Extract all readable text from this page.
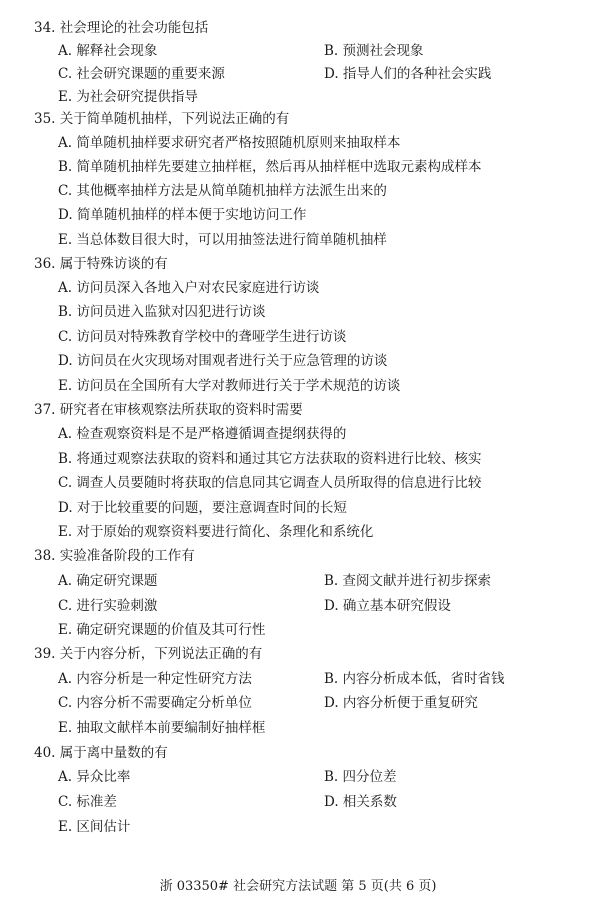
34. 社会理论的社会功能包括
A. 解释社会现象	B. 预测社会现象
C. 社会研究课题的重要来源	D. 指导人们的各种社会实践
E. 为社会研究提供指导
35. 关于简单随机抽样，下列说法正确的有
A. 简单随机抽样要求研究者严格按照随机原则来抽取样本
B. 简单随机抽样先要建立抽样框，然后再从抽样框中选取元素构成样本
C. 其他概率抽样方法是从简单随机抽样方法派生出来的
D. 简单随机抽样的样本便于实地访问工作
E. 当总体数目很大时，可以用抽签法进行简单随机抽样
36. 属于特殊访谈的有
A. 访问员深入各地入户对农民家庭进行访谈
B. 访问员进入监狱对囚犯进行访谈
C. 访问员对特殊教育学校中的聋哑学生进行访谈
D. 访问员在火灾现场对围观者进行关于应急管理的访谈
E. 访问员在全国所有大学对教师进行关于学术规范的访谈
37. 研究者在审核观察法所获取的资料时需要
A. 检查观察资料是不是严格遵循调查提纲获得的
B. 将通过观察法获取的资料和通过其它方法获取的资料进行比较、核实
C. 调查人员要随时将获取的信息同其它调查人员所取得的信息进行比较
D. 对于比较重要的问题，要注意调查时间的长短
E. 对于原始的观察资料要进行简化、条理化和系统化
38. 实验准备阶段的工作有
A. 确定研究课题	B. 查阅文献并进行初步探索
C. 进行实验刺激	D. 确立基本研究假设
E. 确定研究课题的价值及其可行性
39. 关于内容分析，下列说法正确的有
A. 内容分析是一种定性研究方法	B. 内容分析成本低，省时省钱
C. 内容分析不需要确定分析单位	D. 内容分析便于重复研究
E. 抽取文献样本前要编制好抽样框
40. 属于离中量数的有
A. 异众比率	B. 四分位差
C. 标准差	D. 相关系数
E. 区间估计
浙 03350# 社会研究方法试题 第 5 页(共 6 页)
